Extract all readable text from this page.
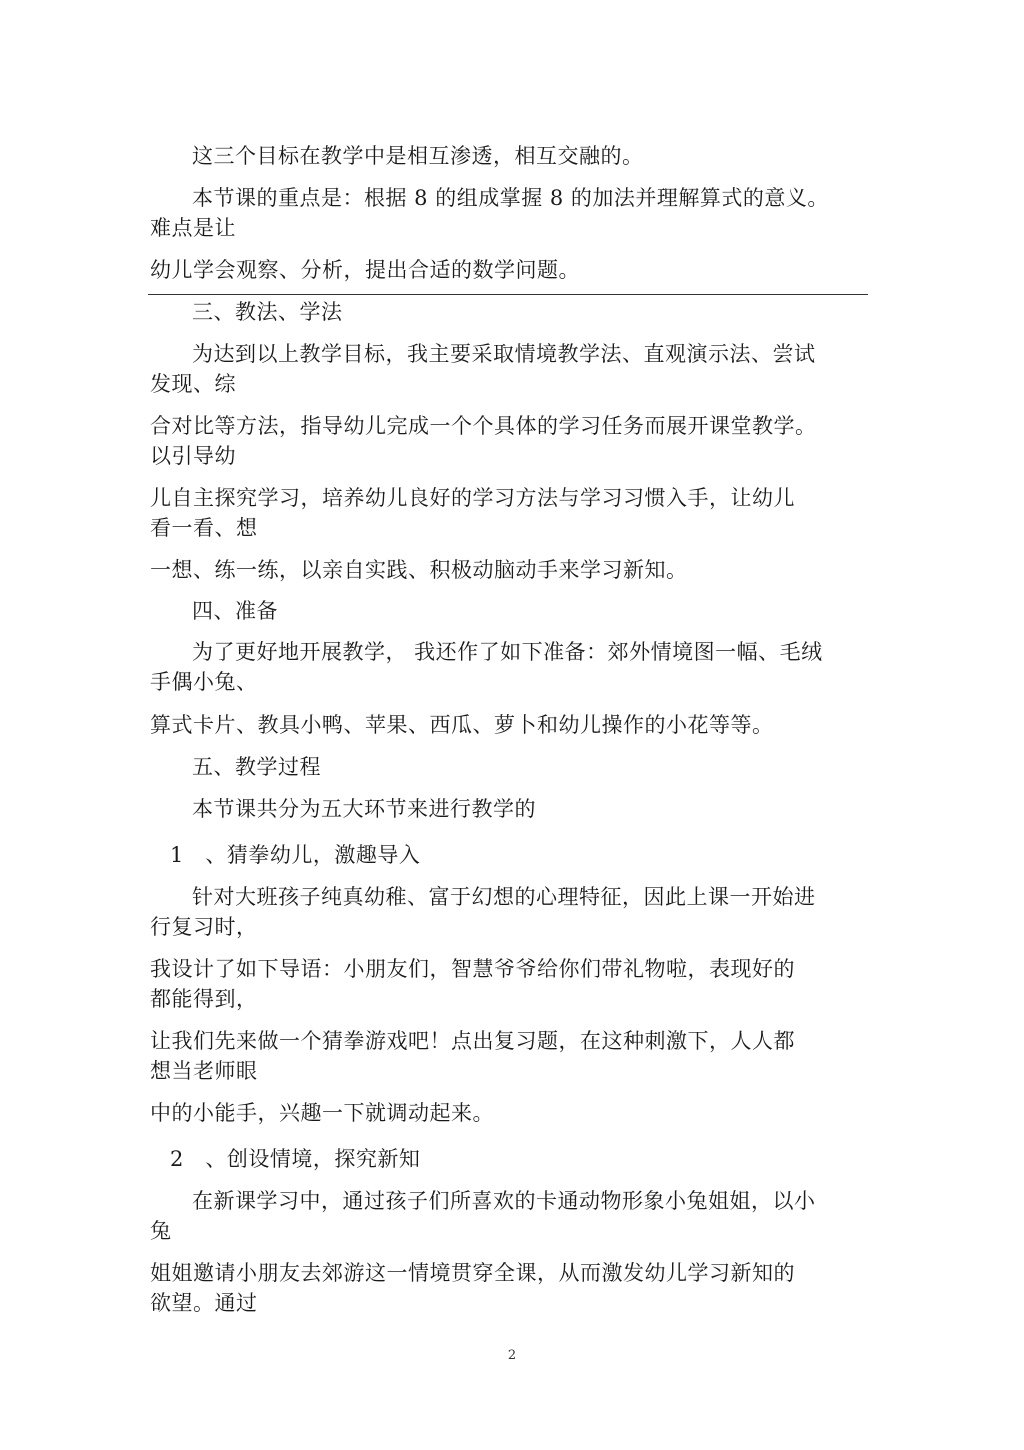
这三个目标在教学中是相互渗透，相互交融的。
本节课的重点是：根据 8 的组成掌握 8 的加法并理解算式的意义。
难点是让
幼儿学会观察、分析，提出合适的数学问题。
三、教法、学法
为达到以上教学目标，我主要采取情境教学法、直观演示法、尝试
发现、综
合对比等方法，指导幼儿完成一个个具体的学习任务而展开课堂教学。
以引导幼
儿自主探究学习，培养幼儿良好的学习方法与学习习惯入手，让幼儿
看一看、想
一想、练一练，以亲自实践、积极动脑动手来学习新知。
四、准备
为了更好地开展教学， 我还作了如下准备：郊外情境图一幅、毛绒
手偶小兔、
算式卡片、教具小鸭、苹果、西瓜、萝卜和幼儿操作的小花等等。
五、教学过程
本节课共分为五大环节来进行教学的
1　、猜拳幼儿，激趣导入
针对大班孩子纯真幼稚、富于幻想的心理特征，因此上课一开始进
行复习时，
我设计了如下导语：小朋友们，智慧爷爷给你们带礼物啦，表现好的
都能得到，
让我们先来做一个猜拳游戏吧！点出复习题，在这种刺激下，人人都
想当老师眼
中的小能手，兴趣一下就调动起来。
2　、创设情境，探究新知
在新课学习中，通过孩子们所喜欢的卡通动物形象小兔姐姐，以小
兔
姐姐邀请小朋友去郊游这一情境贯穿全课，从而激发幼儿学习新知的
欲望。通过
2
